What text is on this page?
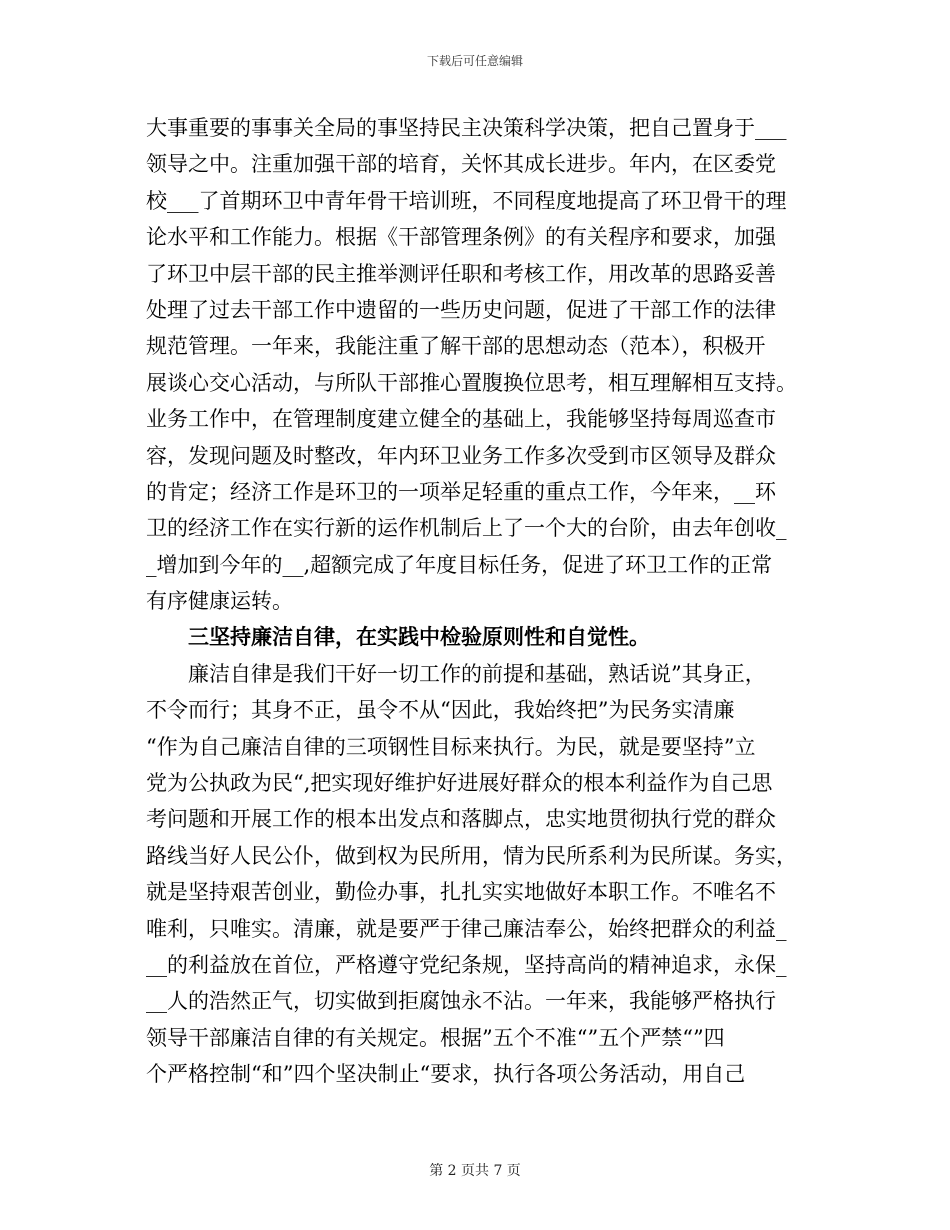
下载后可任意编辑
大事重要的事事关全局的事坚持民主决策科学决策，把自己置身于___
领导之中。注重加强干部的培育，关怀其成长进步。年内，在区委党
校___了首期环卫中青年骨干培训班，不同程度地提高了环卫骨干的理
论水平和工作能力。根据《干部管理条例》的有关程序和要求，加强
了环卫中层干部的民主推举测评任职和考核工作，用改革的思路妥善
处理了过去干部工作中遗留的一些历史问题，促进了干部工作的法律
规范管理。一年来，我能注重了解干部的思想动态（范本），积极开
展谈心交心活动，与所队干部推心置腹换位思考，相互理解相互支持。
业务工作中，在管理制度建立健全的基础上，我能够坚持每周巡查市
容，发现问题及时整改，年内环卫业务工作多次受到市区领导及群众
的肯定；经济工作是环卫的一项举足轻重的重点工作，今年来，__环
卫的经济工作在实行新的运作机制后上了一个大的台阶，由去年创收_
_增加到今年的__,超额完成了年度目标任务，促进了环卫工作的正常
有序健康运转。
三坚持廉洁自律，在实践中检验原则性和自觉性。
廉洁自律是我们干好一切工作的前提和基础，熟话说”其身正，
不令而行；其身不正，虽令不从“因此，我始终把”为民务实清廉
“作为自己廉洁自律的三项钢性目标来执行。为民，就是要坚持”立
党为公执政为民“,把实现好维护好进展好群众的根本利益作为自己思
考问题和开展工作的根本出发点和落脚点，忠实地贯彻执行党的群众
路线当好人民公仆，做到权为民所用，情为民所系利为民所谋。务实，
就是坚持艰苦创业，勤俭办事，扎扎实实地做好本职工作。不唯名不
唯利，只唯实。清廉，就是要严于律己廉洁奉公，始终把群众的利益_
__的利益放在首位，严格遵守党纪条规，坚持高尚的精神追求，永保_
__人的浩然正气，切实做到拒腐蚀永不沾。一年来，我能够严格执行
领导干部廉洁自律的有关规定。根据”五个不准“”五个严禁“”四
个严格控制“和”四个坚决制止“要求，执行各项公务活动，用自己
第 2 页共 7 页
